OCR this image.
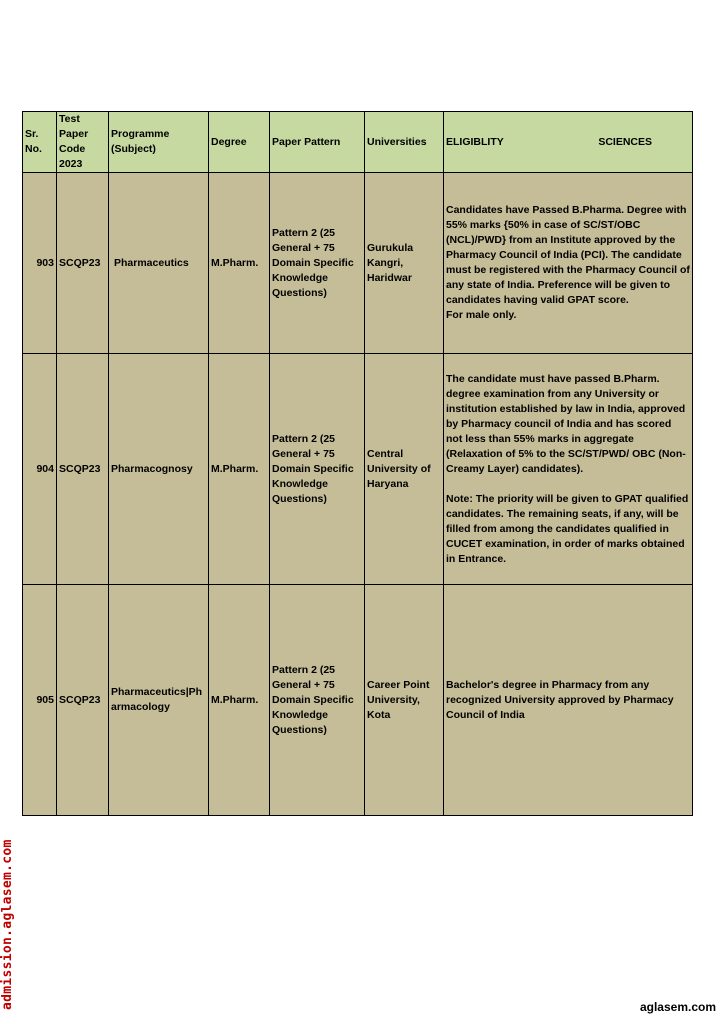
Sr. No.	Test Paper Code 2023	Programme (Subject)	Degree	Paper Pattern	Universities	ELIGIBLITY SCIENCES

903	SCQP23	Pharmaceutics	M.Pharm.	Pattern 2 (25 General + 75 Domain Specific Knowledge Questions)	Gurukula Kangri, Haridwar	Candidates have Passed B.Pharma. Degree with 55% marks {50% in case of SC/ST/OBC (NCL)/PWD} from an Institute approved by the Pharmacy Council of India (PCI). The candidate must be registered with the Pharmacy Council of any state of India. Preference will be given to candidates having valid GPAT score.
For male only.
904	SCQP23	Pharmacognosy	M.Pharm.	Pattern 2 (25 General + 75 Domain Specific Knowledge Questions)	Central University of Haryana	The candidate must have passed B.Pharm. degree examination from any University or institution established by law in India, approved by Pharmacy council of India and has scored not less than 55% marks in aggregate (Relaxation of 5% to the SC/ST/PWD/ OBC (Non-Creamy Layer) candidates).

Note: The priority will be given to GPAT qualified candidates. The remaining seats, if any, will be filled from among the candidates qualified in CUCET examination, in order of marks obtained in Entrance.
905	SCQP23	Pharmaceutics|Pharmacology	M.Pharm.	Pattern 2 (25 General + 75 Domain Specific Knowledge Questions)	Career Point University, Kota	Bachelor's degree in Pharmacy from any recognized University approved by Pharmacy Council of India
admission.aglasem.com	aglasem.com
